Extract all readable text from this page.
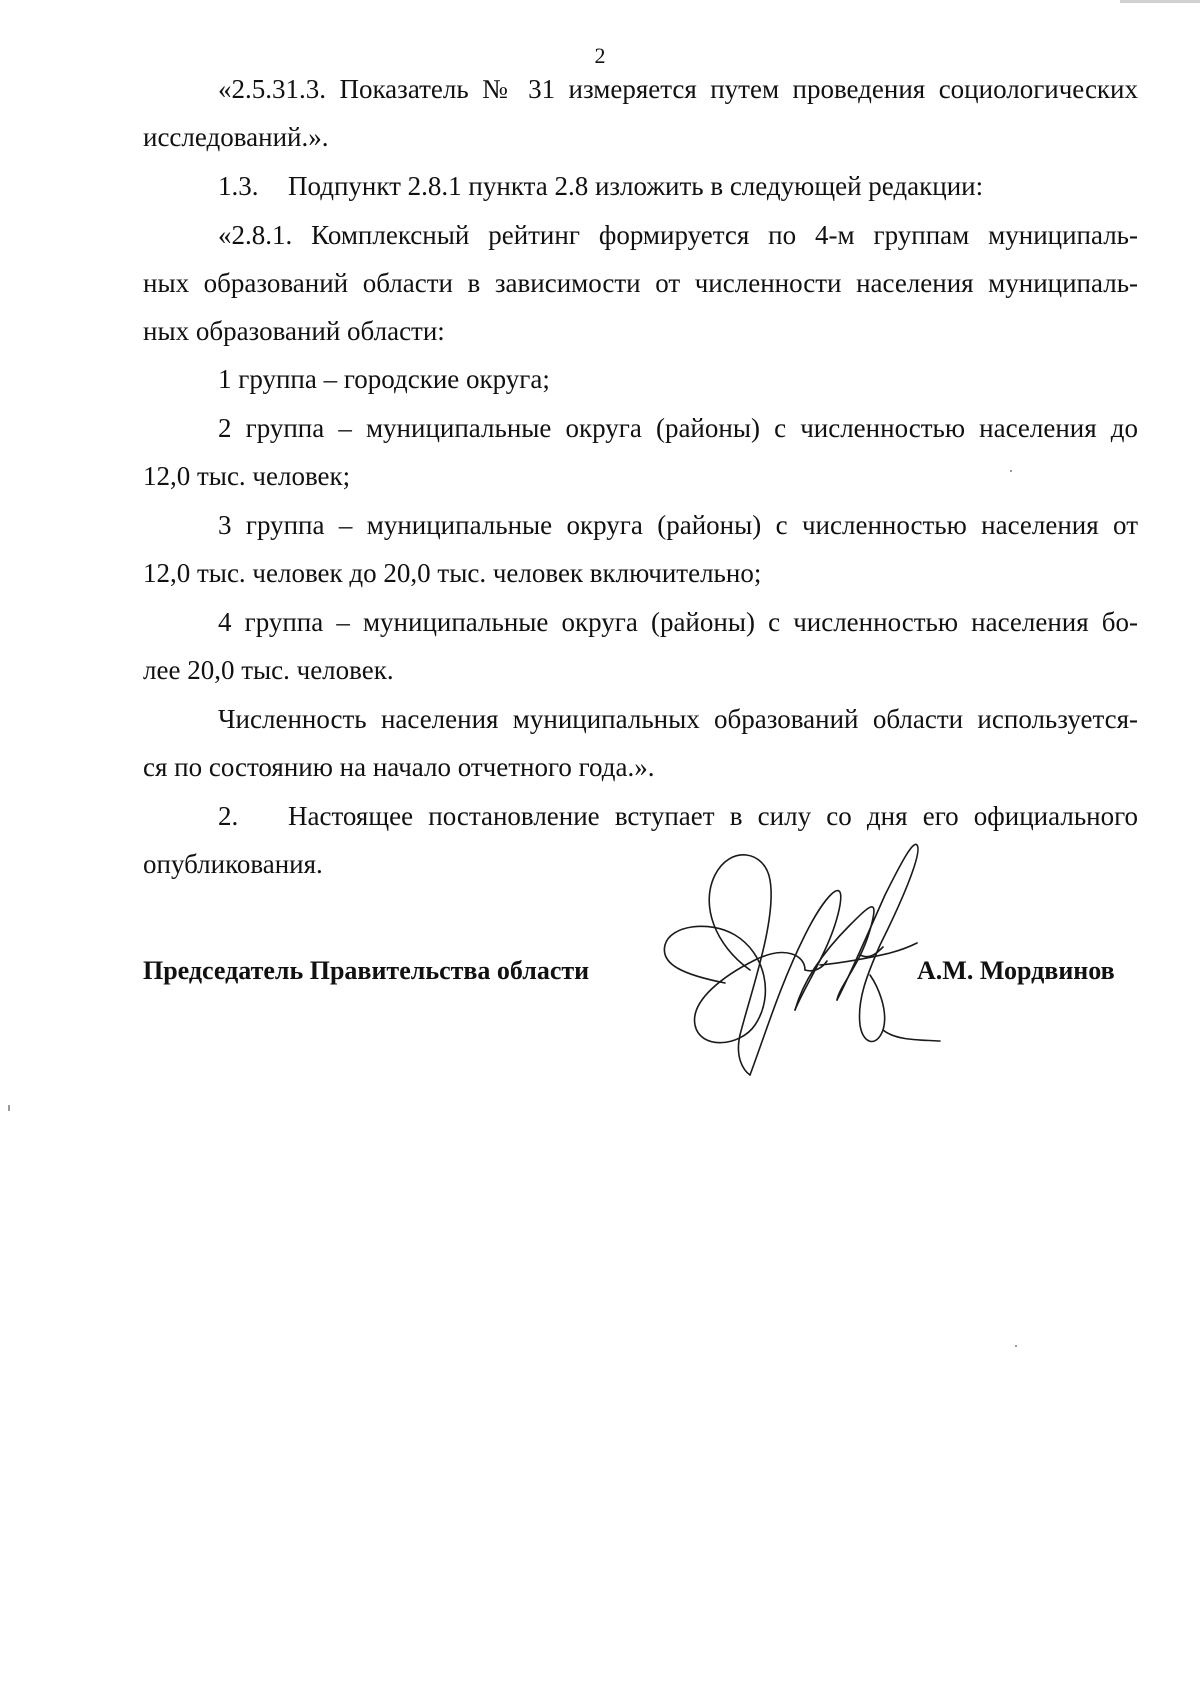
2
«2.5.31.3. Показатель № 31 измеряется путем проведения социологических
исследований.».
1.3. Подпункт 2.8.1 пункта 2.8 изложить в следующей редакции:
«2.8.1. Комплексный рейтинг формируется по 4-м группам муниципаль-
ных образований области в зависимости от численности населения муниципаль-
ных образований области:
1 группа – городские округа;
2 группа – муниципальные округа (районы) с численностью населения до
12,0 тыс. человек;
3 группа – муниципальные округа (районы) с численностью населения от
12,0 тыс. человек до 20,0 тыс. человек включительно;
4 группа – муниципальные округа (районы) с численностью населения бо-
лее 20,0 тыс. человек.
Численность населения муниципальных образований области используется-
ся по состоянию на начало отчетного года.».
2.	Настоящее постановление вступает в силу со дня его официального
опубликования.
Председатель Правительства области	А.М. Мордвинов
